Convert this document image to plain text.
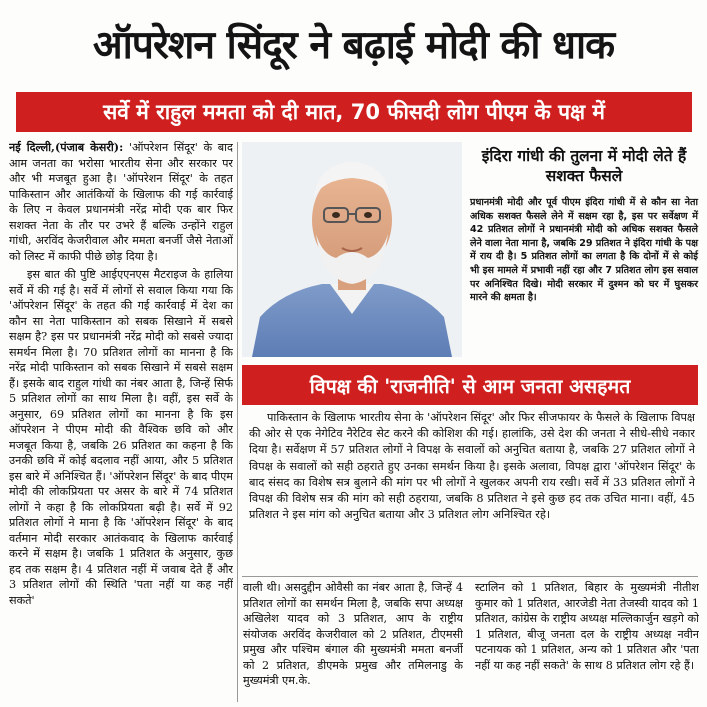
ऑपरेशन सिंदूर ने बढ़ाई मोदी की धाक
सर्वे में राहुल ममता को दी मात, 70 फीसदी लोग पीएम के पक्ष में

नई दिल्ली,(पंजाब केसरी): 'ऑपरेशन सिंदूर' के बाद आम जनता का भरोसा भारतीय सेना और सरकार पर और भी मजबूत हुआ है। 'ऑपरेशन सिंदूर' के तहत पाकिस्तान और आतंकियों के खिलाफ की गई कार्रवाई के लिए न केवल प्रधानमंत्री नरेंद्र मोदी एक बार फिर सशक्त नेता के तौर पर उभरे हैं बल्कि उन्होंने राहुल गांधी, अरविंद केजरीवाल और ममता बनर्जी जैसे नेताओं को लिस्ट में काफी पीछे छोड़ दिया है।

इस बात की पुष्टि आईएएनएस मैटराइज के हालिया सर्वे में की गई है। सर्वे में लोगों से सवाल किया गया कि 'ऑपरेशन सिंदूर' के तहत की गई कार्रवाई में देश का कौन सा नेता पाकिस्तान को सबक सिखाने में सबसे सक्षम है? इस पर प्रधानमंत्री नरेंद्र मोदी को सबसे ज्यादा समर्थन मिला है। 70 प्रतिशत लोगों का मानना है कि नरेंद्र मोदी पाकिस्तान को सबक सिखाने में सबसे सक्षम हैं। इसके बाद राहुल गांधी का नंबर आता है, जिन्हें सिर्फ 5 प्रतिशत लोगों का साथ मिला है। वहीं, इस सर्वे के अनुसार, 69 प्रतिशत लोगों का मानना है कि इस ऑपरेशन ने पीएम मोदी की वैश्विक छवि को और मजबूत किया है, जबकि 26 प्रतिशत का कहना है कि उनकी छवि में कोई बदलाव नहीं आया, और 5 प्रतिशत इस बारे में अनिश्चित हैं। 'ऑपरेशन सिंदूर' के बाद पीएम मोदी की लोकप्रियता पर असर के बारे में 74 प्रतिशत लोगों ने कहा है कि लोकप्रियता बढ़ी है। सर्वे में 92 प्रतिशत लोगों ने माना है कि 'ऑपरेशन सिंदूर' के बाद वर्तमान मोदी सरकार आतंकवाद के खिलाफ कार्रवाई करने में सक्षम है। जबकि 1 प्रतिशत के अनुसार, कुछ हद तक सक्षम है। 4 प्रतिशत नहीं में जवाब देते हैं और 3 प्रतिशत लोगों की स्थिति 'पता नहीं या कह नहीं सकते'

इंदिरा गांधी की तुलना में मोदी लेते हैं सशक्त फैसले
प्रधानमंत्री मोदी और पूर्व पीएम इंदिरा गांधी में से कौन सा नेता अधिक सशक्त फैसले लेने में सक्षम रहा है, इस पर सर्वेक्षण में 42 प्रतिशत लोगों ने प्रधानमंत्री मोदी को अधिक सशक्त फैसले लेने वाला नेता माना है, जबकि 29 प्रतिशत ने इंदिरा गांधी के पक्ष में राय दी है। 5 प्रतिशत लोगों का लगता है कि दोनों में से कोई भी इस मामले में प्रभावी नहीं रहा और 7 प्रतिशत लोग इस सवाल पर अनिश्चित दिखे। मोदी सरकार में दुश्मन को घर में घुसकर मारने की क्षमता है।
विपक्ष की 'राजनीति' से आम जनता असहमत

पाकिस्तान के खिलाफ भारतीय सेना के 'ऑपरेशन सिंदूर' और फिर सीजफायर के फैसले के खिलाफ विपक्ष की ओर से एक नेगेटिव नैरेटिव सेट करने की कोशिश की गई। हालांकि, उसे देश की जनता ने सीधे-सीधे नकार दिया है। सर्वेक्षण में 57 प्रतिशत लोगों ने विपक्ष के सवालों को अनुचित बताया है, जबकि 27 प्रतिशत लोगों ने विपक्ष के सवालों को सही ठहराते हुए उनका समर्थन किया है। इसके अलावा, विपक्ष द्वारा 'ऑपरेशन सिंदूर' के बाद संसद का विशेष सत्र बुलाने की मांग पर भी लोगों ने खुलकर अपनी राय रखी। सर्वे में 33 प्रतिशत लोगों ने विपक्ष की विशेष सत्र की मांग को सही ठहराया, जबकि 8 प्रतिशत ने इसे कुछ हद तक उचित माना। वहीं, 45 प्रतिशत ने इस मांग को अनुचित बताया और 3 प्रतिशत लोग अनिश्चित रहे।

वाली थी। असदुद्दीन ओवैसी का नंबर आता है, जिन्हें 4 प्रतिशत लोगों का समर्थन मिला है, जबकि सपा अध्यक्ष अखिलेश यादव को 3 प्रतिशत, आप के राष्ट्रीय संयोजक अरविंद केजरीवाल को 2 प्रतिशत, टीएमसी प्रमुख और पश्चिम बंगाल की मुख्यमंत्री ममता बनर्जी को 2 प्रतिशत, डीएमके प्रमुख और तमिलनाडु के मुख्यमंत्री एम.के.

स्टालिन को 1 प्रतिशत, बिहार के मुख्यमंत्री नीतीश कुमार को 1 प्रतिशत, आरजेडी नेता तेजस्वी यादव को 1 प्रतिशत, कांग्रेस के राष्ट्रीय अध्यक्ष मल्लिकार्जुन खड़गे को 1 प्रतिशत, बीजू जनता दल के राष्ट्रीय अध्यक्ष नवीन पटनायक को 1 प्रतिशत, अन्य को 1 प्रतिशत और 'पता नहीं या कह नहीं सकते' के साथ 8 प्रतिशत लोग रहे हैं।
